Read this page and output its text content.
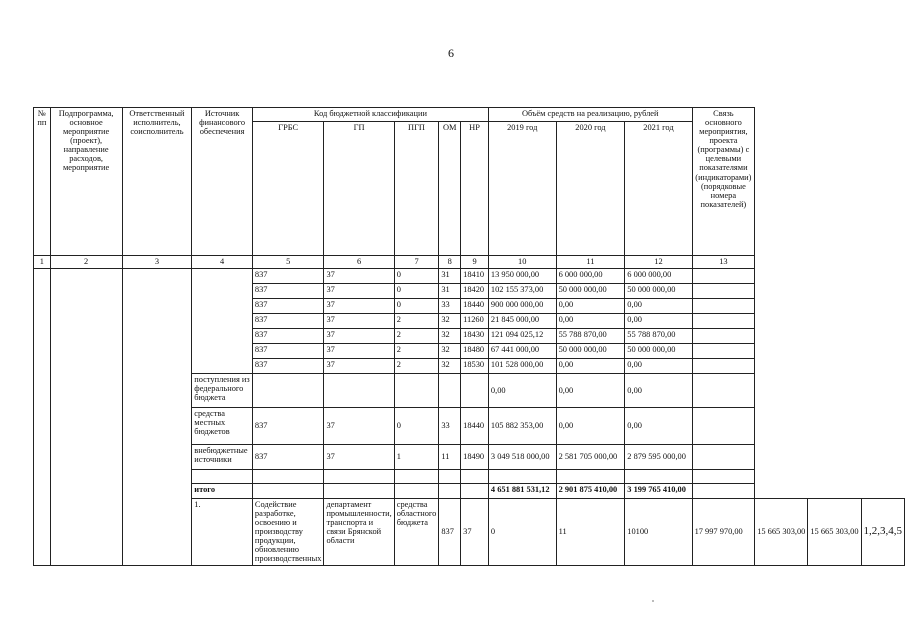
6
№ пп	Подпрограмма, основное мероприятие (проект), направление расходов, мероприятие	Ответственный исполнитель, соисполнитель	Источник финансового обеспечения	Код бюджетной классификации					Объём средств на реализацию, рублей			Связь основного мероприятия, проекта (программы) с целевыми показателями (индикаторами) (порядковые номера показателей)			
				ГРБС	ГП	ПГП	ОМ	НР	2019 год	2020 год	2021 год				
1	2	3	4	5	6	7	8	9	10	11	12	13			
				837	37	0	31	18410	13 950 000,00	6 000 000,00	6 000 000,00				
				837	37	0	31	18420	102 155 373,00	50 000 000,00	50 000 000,00				
				837	37	0	33	18440	900 000 000,00	0,00	0,00				
				837	37	2	32	11260	21 845 000,00	0,00	0,00				
				837	37	2	32	18430	121 094 025,12	55 788 870,00	55 788 870,00				
				837	37	2	32	18480	67 441 000,00	50 000 000,00	50 000 000,00				
				837	37	2	32	18530	101 528 000,00	0,00	0,00				
			поступления из федерального бюджета						0,00	0,00	0,00				
			средства местных бюджетов	837	37	0	33	18440	105 882 353,00	0,00	0,00				
			внебюджетные источники	837	37	1	11	18490	3 049 518 000,00	2 581 705 000,00	2 879 595 000,00				

			итого						4 651 881 531,12	2 901 875 410,00	3 199 765 410,00				
			1.	Содействие разработке, освоению и производству продукции, обновлению производственных	департамент промышленности, транспорта и связи Брянской области	средства областного бюджета	837	37	0	11	10100	17 997 970,00	15 665 303,00	15 665 303,00	1,2,3,4,5
